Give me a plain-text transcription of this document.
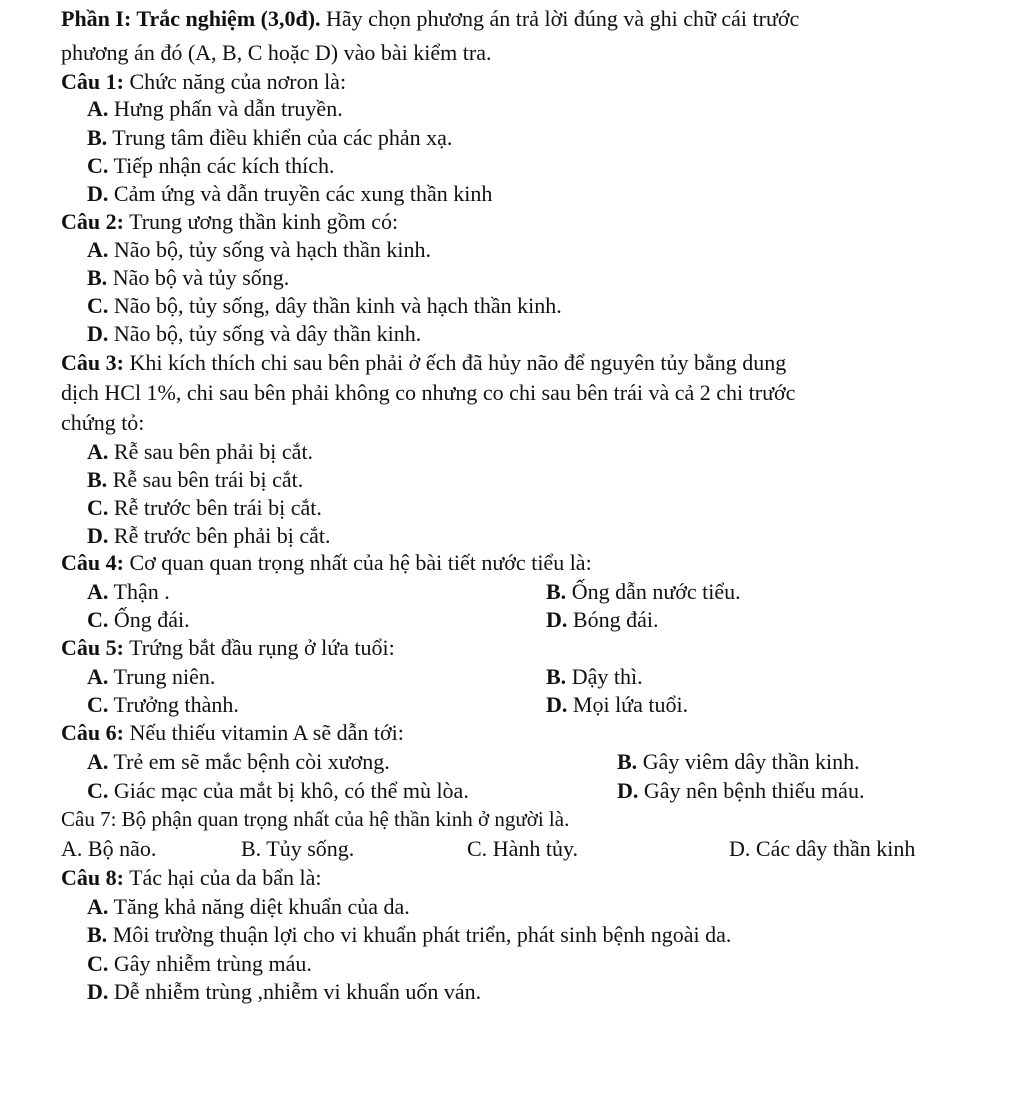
Phần I: Trắc nghiệm (3,0đ). Hãy chọn phương án trả lời đúng và ghi chữ cái trước
phương án đó (A, B, C hoặc D) vào bài kiểm tra.
Câu 1: Chức năng của nơron là:
A. Hưng phấn và dẫn truyền.
B. Trung tâm điều khiển của các phản xạ.
C. Tiếp nhận các kích thích.
D. Cảm ứng và dẫn truyền các xung thần kinh
Câu 2: Trung ương thần kinh gồm có:
A. Não bộ, tủy sống và hạch thần kinh.
B. Não bộ và tủy sống.
C. Não bộ, tủy sống, dây thần kinh và hạch thần kinh.
D. Não bộ, tủy sống và dây thần kinh.
Câu 3: Khi kích thích chi sau bên phải ở ếch đã hủy não để nguyên tủy bằng dung
dịch HCl 1%, chi sau bên phải không co nhưng co chi sau bên trái và cả 2 chi trước
chứng tỏ:
A. Rễ sau bên phải bị cắt.
B. Rễ sau bên trái bị cắt.
C. Rễ trước bên trái bị cắt.
D. Rễ trước bên phải bị cắt.
Câu 4: Cơ quan quan trọng nhất của hệ bài tiết nước tiểu là:
A. Thận .	B. Ống dẫn nước tiểu.
C. Ống đái.	D. Bóng đái.
Câu 5: Trứng bắt đầu rụng ở lứa tuổi:
A. Trung niên.	B. Dậy thì.
C. Trưởng thành.	D. Mọi lứa tuổi.
Câu 6: Nếu thiếu vitamin A sẽ dẫn tới:
A. Trẻ em sẽ mắc bệnh còi xương.	B. Gây viêm dây thần kinh.
C. Giác mạc của mắt bị khô, có thể mù lòa.	D. Gây nên bệnh thiếu máu.
Câu 7: Bộ phận quan trọng nhất của hệ thần kinh ở người là.
A. Bộ não.	B. Tủy sống.	C. Hành tủy.	D. Các dây thần kinh
Câu 8: Tác hại của da bẩn là:
A. Tăng khả năng diệt khuẩn của da.
B. Môi trường thuận lợi cho vi khuẩn phát triển, phát sinh bệnh ngoài da.
C. Gây nhiễm trùng máu.
D. Dễ nhiễm trùng ,nhiễm vi khuẩn uốn ván.
